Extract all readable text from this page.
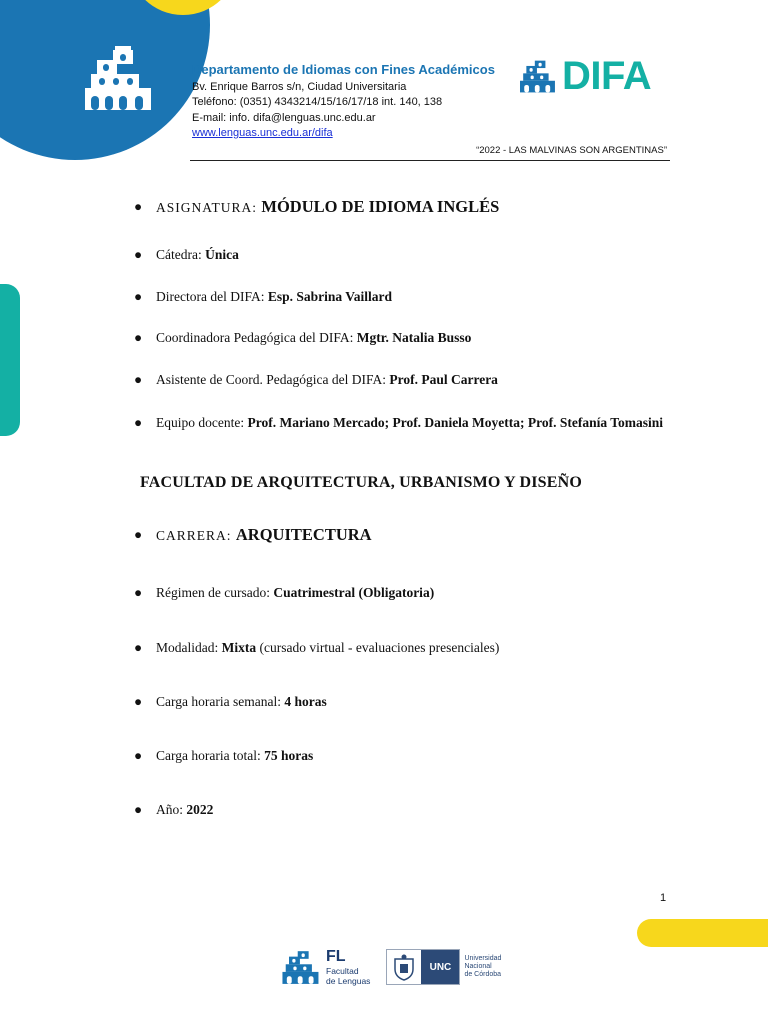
Departamento de Idiomas con Fines Académicos
Bv. Enrique Barros s/n, Ciudad Universitaria
Teléfono: (0351) 4343214/15/16/17/18 int. 140, 138
E-mail: info. difa@lenguas.unc.edu.ar
www.lenguas.unc.edu.ar/difa
DIFA
“2022 - LAS MALVINAS SON ARGENTINAS”
● ASIGNATURA: MÓDULO DE IDIOMA INGLÉS
● Cátedra: Única
● Directora del DIFA: Esp. Sabrina Vaillard
● Coordinadora Pedagógica del DIFA: Mgtr. Natalia Busso
● Asistente de Coord. Pedagógica del DIFA: Prof. Paul Carrera
● Equipo docente: Prof. Mariano Mercado; Prof. Daniela Moyetta; Prof. Stefanía Tomasini
FACULTAD DE ARQUITECTURA, URBANISMO Y DISEÑO
● CARRERA: ARQUITECTURA
● Régimen de cursado: Cuatrimestral (Obligatoria)
● Modalidad: Mixta (cursado virtual - evaluaciones presenciales)
● Carga horaria semanal: 4 horas
● Carga horaria total: 75 horas
● Año: 2022
1
FL
Facultad
de Lenguas
UNC
Universidad
Nacional
de Córdoba
